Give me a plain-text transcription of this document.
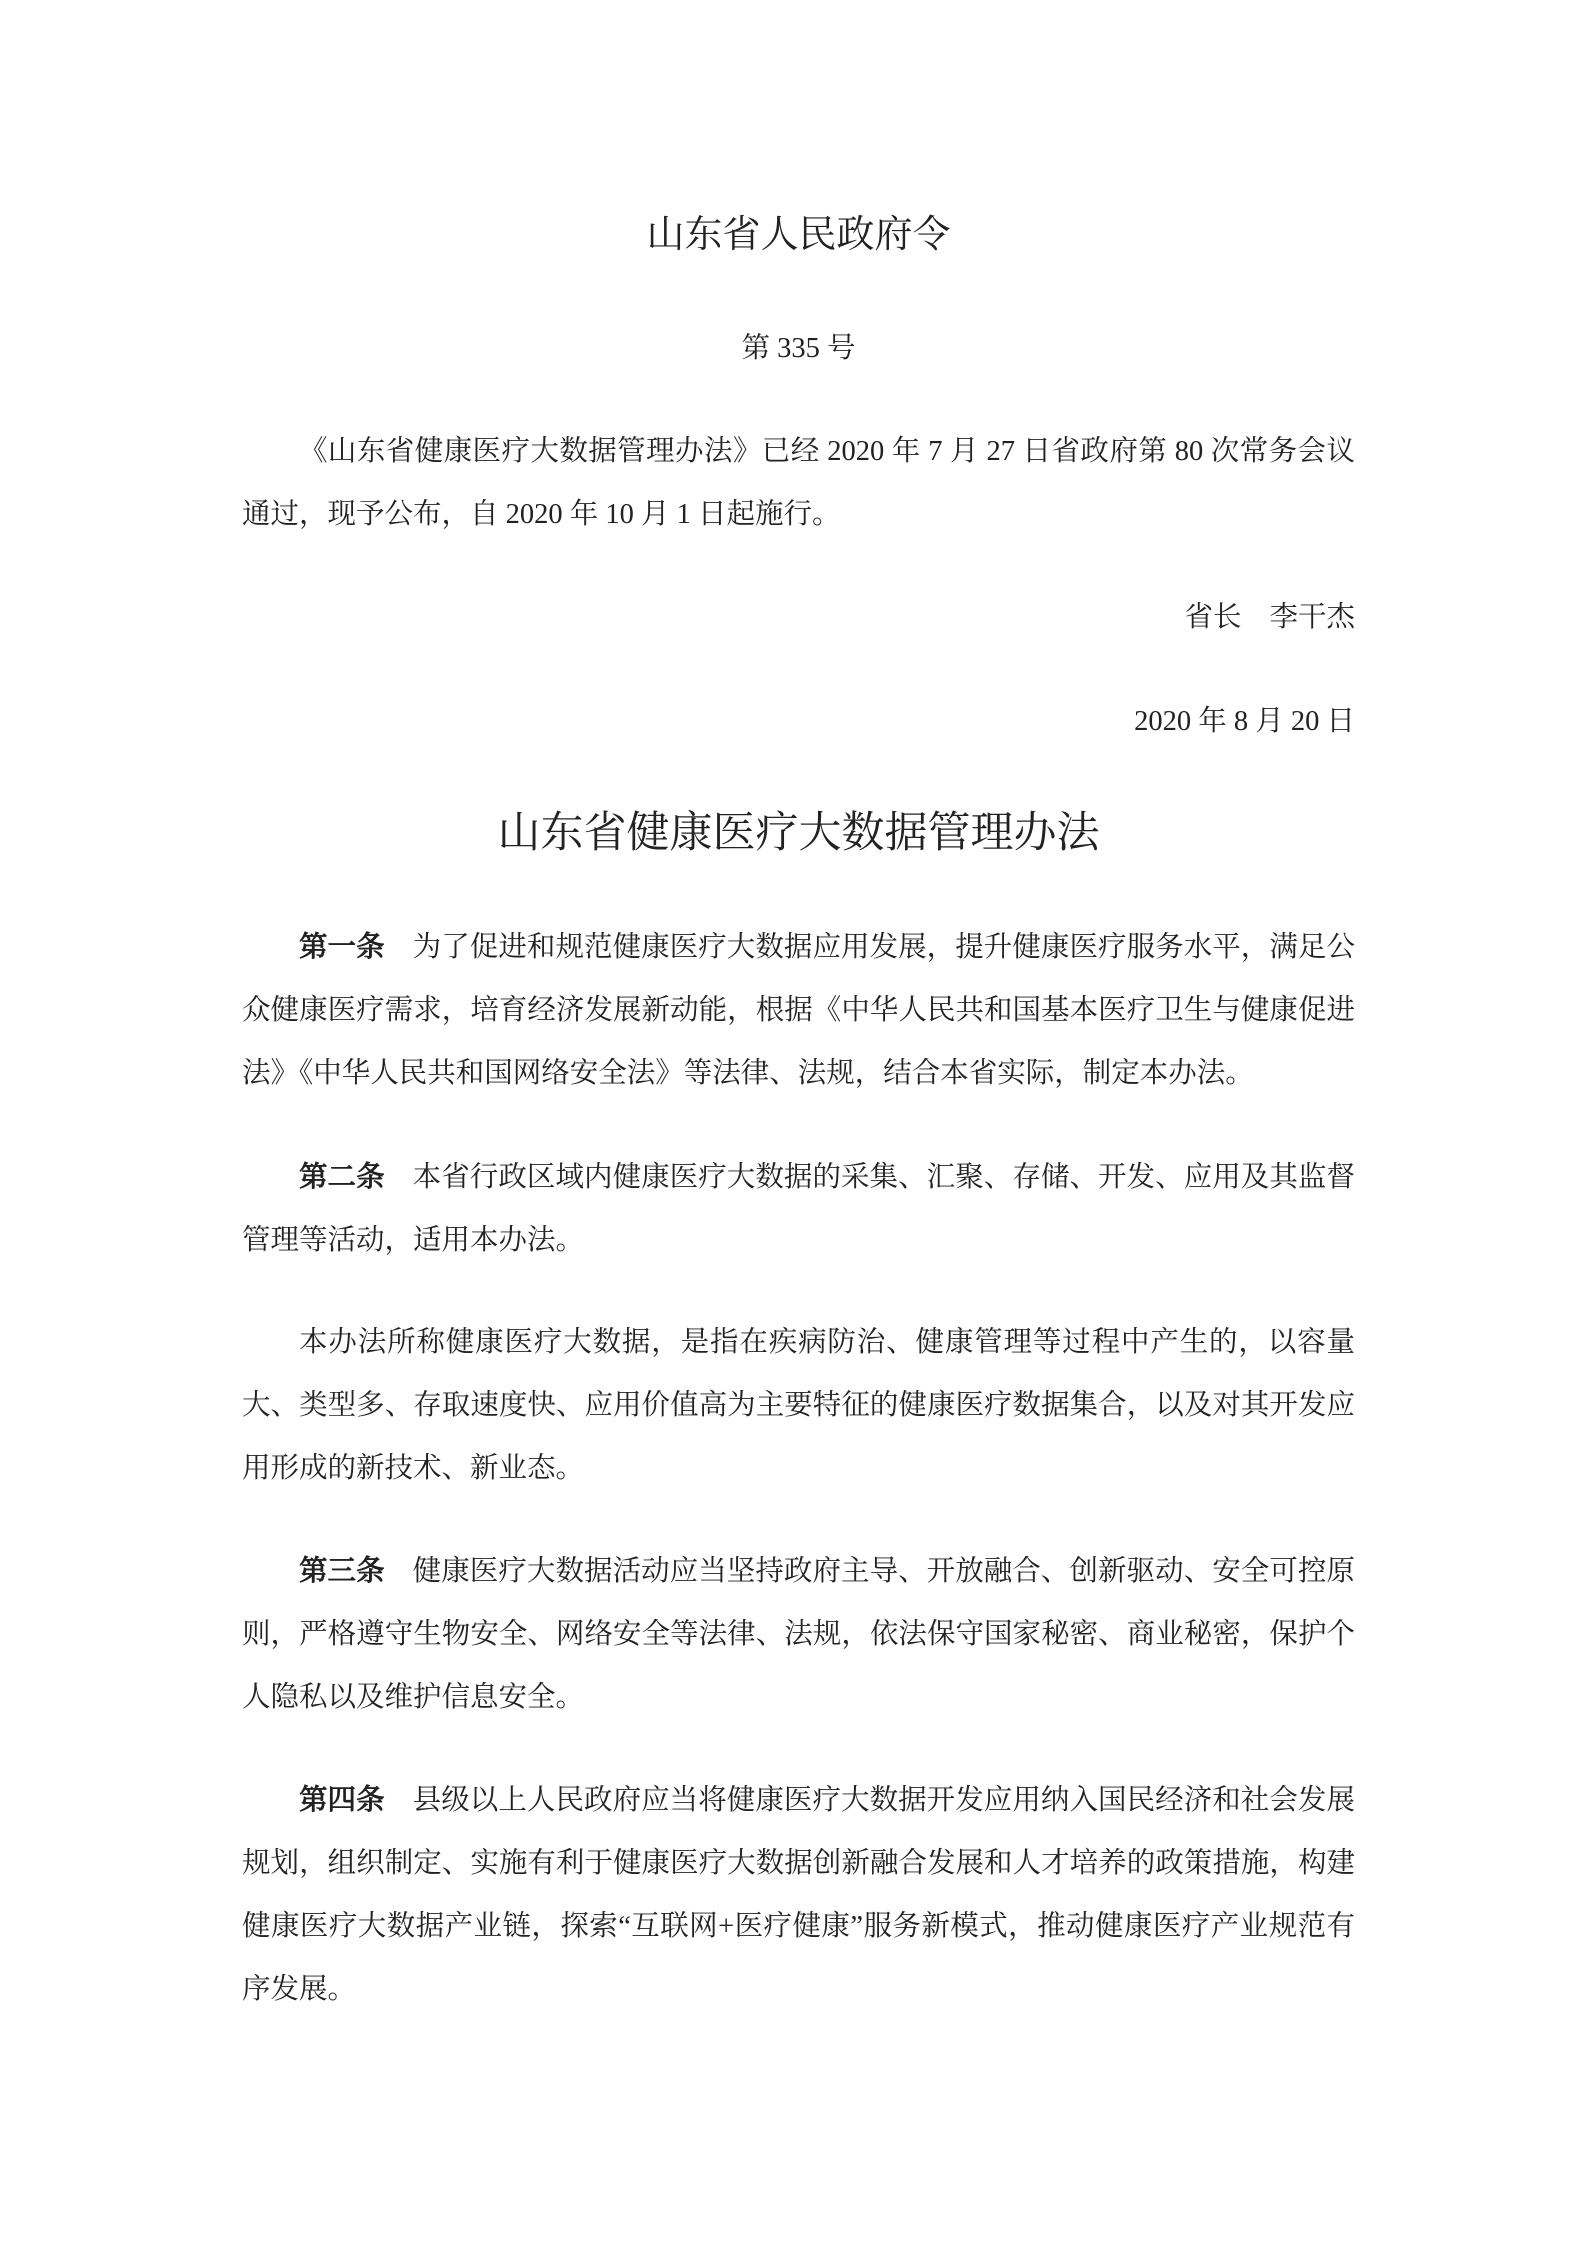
山东省人民政府令
第 335 号
《山东省健康医疗大数据管理办法》已经 2020 年 7 月 27 日省政府第 80 次常务会议通过，现予公布，自 2020 年 10 月 1 日起施行。
省长 李干杰
2020 年 8 月 20 日
山东省健康医疗大数据管理办法
第一条 为了促进和规范健康医疗大数据应用发展，提升健康医疗服务水平，满足公众健康医疗需求，培育经济发展新动能，根据《中华人民共和国基本医疗卫生与健康促进法》《中华人民共和国网络安全法》等法律、法规，结合本省实际，制定本办法。
第二条 本省行政区域内健康医疗大数据的采集、汇聚、存储、开发、应用及其监督管理等活动，适用本办法。
本办法所称健康医疗大数据，是指在疾病防治、健康管理等过程中产生的，以容量大、类型多、存取速度快、应用价值高为主要特征的健康医疗数据集合，以及对其开发应用形成的新技术、新业态。
第三条 健康医疗大数据活动应当坚持政府主导、开放融合、创新驱动、安全可控原则，严格遵守生物安全、网络安全等法律、法规，依法保守国家秘密、商业秘密，保护个人隐私以及维护信息安全。
第四条 县级以上人民政府应当将健康医疗大数据开发应用纳入国民经济和社会发展规划，组织制定、实施有利于健康医疗大数据创新融合发展和人才培养的政策措施，构建健康医疗大数据产业链，探索“互联网+医疗健康”服务新模式，推动健康医疗产业规范有序发展。
